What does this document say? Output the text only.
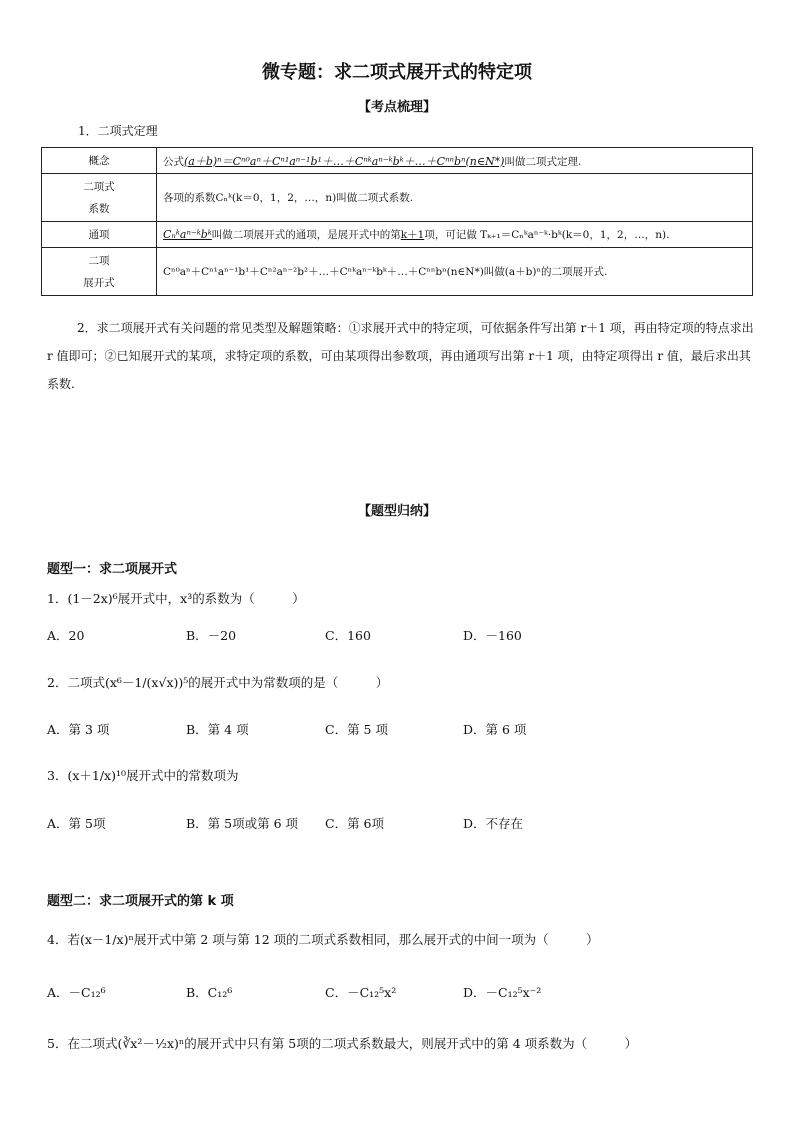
微专题：求二项式展开式的特定项
【考点梳理】
1．二项式定理
概念	公式(a＋b)ⁿ＝Cⁿ⁰aⁿ＋Cⁿ¹aⁿ⁻¹b¹＋…＋Cⁿᵏaⁿ⁻ᵏbᵏ＋…＋Cⁿⁿbⁿ(n∈N*)叫做二项式定理.

二项式
系数	各项的系数Cₙᵏ(k＝0，1，2，…，n)叫做二项式系数.
通项	Cₙᵏaⁿ⁻ᵏbᵏ叫做二项展开式的通项，是展开式中的第k＋1项，可记做 Tₖ₊₁＝Cₙᵏaⁿ⁻ᵏ·bᵏ(k＝0，1，2，…，n).

二项
展开式	Cⁿ⁰aⁿ＋Cⁿ¹aⁿ⁻¹b¹＋Cⁿ²aⁿ⁻²b²＋…＋Cⁿᵏaⁿ⁻ᵏbᵏ＋…＋Cⁿⁿbⁿ(n∈N*)叫做(a＋b)ⁿ的二项展开式.
2．求二项展开式有关问题的常见类型及解题策略：①求展开式中的特定项，可依据条件写出第 r＋1 项，再由特定项的特点求出 r 值即可；②已知展开式的某项，求特定项的系数，可由某项得出参数项，再由通项写出第 r＋1 项，由特定项得出 r 值，最后求出其系数.
【题型归纳】
题型一：求二项展开式
1．(1－2x)⁶展开式中，x³的系数为（　　　）
A．20	B．－20	C．160	D．－160
2．二项式(x⁶－1/(x√x))⁵的展开式中为常数项的是（　　　）
A．第 3 项	B．第 4 项	C．第 5 项	D．第 6 项
3．(x＋1/x)¹⁰展开式中的常数项为
A．第 5项	B．第 5项或第 6 项 C．第 6项	D．不存在
题型二：求二项展开式的第 k 项
4．若(x－1/x)ⁿ展开式中第 2 项与第 12 项的二项式系数相同，那么展开式的中间一项为（　　　）
A．－C₁₂⁶	B．C₁₂⁶	C．－C₁₂⁵x²	D．－C₁₂⁵x⁻²
5．在二项式(∛x²－½x)ⁿ的展开式中只有第 5项的二项式系数最大，则展开式中的第 4 项系数为（　　　）
